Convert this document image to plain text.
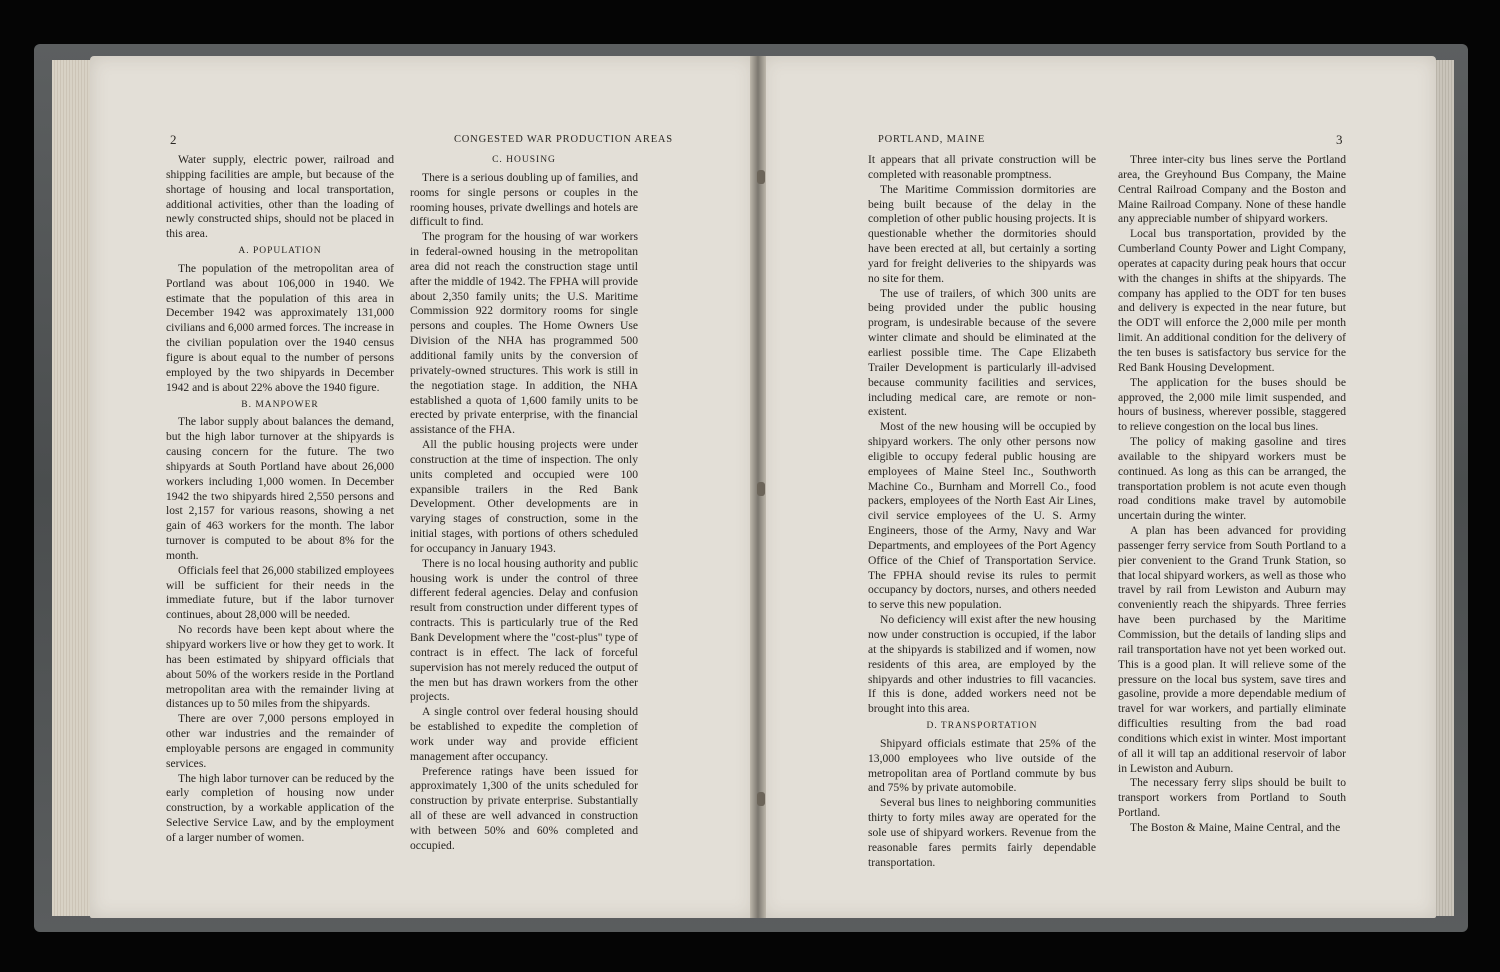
2	CONGESTED WAR PRODUCTION AREAS	PORTLAND, MAINE	3

Water supply, electric power, railroad and shipping facilities are ample, but because of the shortage of housing and local transportation, additional activities, other than the loading of newly constructed ships, should not be placed in this area.

A. POPULATION

The population of the metropolitan area of Portland was about 106,000 in 1940. We estimate that the population of this area in December 1942 was approximately 131,000 civilians and 6,000 armed forces. The increase in the civilian population over the 1940 census figure is about equal to the number of persons employed by the two shipyards in December 1942 and is about 22% above the 1940 figure.

B. MANPOWER

The labor supply about balances the demand, but the high labor turnover at the shipyards is causing concern for the future. The two shipyards at South Portland have about 26,000 workers including 1,000 women. In December 1942 the two shipyards hired 2,550 persons and lost 2,157 for various reasons, showing a net gain of 463 workers for the month. The labor turnover is computed to be about 8% for the month.

Officials feel that 26,000 stabilized employees will be sufficient for their needs in the immediate future, but if the labor turnover continues, about 28,000 will be needed.

No records have been kept about where the shipyard workers live or how they get to work. It has been estimated by shipyard officials that about 50% of the workers reside in the Portland metropolitan area with the remainder living at distances up to 50 miles from the shipyards.

There are over 7,000 persons employed in other war industries and the remainder of employable persons are engaged in community services.

The high labor turnover can be reduced by the early completion of housing now under construction, by a workable application of the Selective Service Law, and by the employment of a larger number of women.

C. HOUSING

There is a serious doubling up of families, and rooms for single persons or couples in the rooming houses, private dwellings and hotels are difficult to find.

The program for the housing of war workers in federal-owned housing in the metropolitan area did not reach the construction stage until after the middle of 1942. The FPHA will provide about 2,350 family units; the U.S. Maritime Commission 922 dormitory rooms for single persons and couples. The Home Owners Use Division of the NHA has programmed 500 additional family units by the conversion of privately-owned structures. This work is still in the negotiation stage. In addition, the NHA established a quota of 1,600 family units to be erected by private enterprise, with the financial assistance of the FHA.

All the public housing projects were under construction at the time of inspection. The only units completed and occupied were 100 expansible trailers in the Red Bank Development. Other developments are in varying stages of construction, some in the initial stages, with portions of others scheduled for occupancy in January 1943.

There is no local housing authority and public housing work is under the control of three different federal agencies. Delay and confusion result from construction under different types of contracts. This is particularly true of the Red Bank Development where the "cost-plus" type of contract is in effect. The lack of forceful supervision has not merely reduced the output of the men but has drawn workers from the other projects.

A single control over federal housing should be established to expedite the completion of work under way and provide efficient management after occupancy.

Preference ratings have been issued for approximately 1,300 of the units scheduled for construction by private enterprise. Substantially all of these are well advanced in construction with between 50% and 60% completed and occupied.

It appears that all private construction will be completed with reasonable promptness.

The Maritime Commission dormitories are being built because of the delay in the completion of other public housing projects. It is questionable whether the dormitories should have been erected at all, but certainly a sorting yard for freight deliveries to the shipyards was no site for them.

The use of trailers, of which 300 units are being provided under the public housing program, is undesirable because of the severe winter climate and should be eliminated at the earliest possible time. The Cape Elizabeth Trailer Development is particularly ill-advised because community facilities and services, including medical care, are remote or non-existent.

Most of the new housing will be occupied by shipyard workers. The only other persons now eligible to occupy federal public housing are employees of Maine Steel Inc., Southworth Machine Co., Burnham and Morrell Co., food packers, employees of the North East Air Lines, civil service employees of the U. S. Army Engineers, those of the Army, Navy and War Departments, and employees of the Port Agency Office of the Chief of Transportation Service. The FPHA should revise its rules to permit occupancy by doctors, nurses, and others needed to serve this new population.

No deficiency will exist after the new housing now under construction is occupied, if the labor at the shipyards is stabilized and if women, now residents of this area, are employed by the shipyards and other industries to fill vacancies. If this is done, added workers need not be brought into this area.

D. TRANSPORTATION

Shipyard officials estimate that 25% of the 13,000 employees who live outside of the metropolitan area of Portland commute by bus and 75% by private automobile.

Several bus lines to neighboring communities thirty to forty miles away are operated for the sole use of shipyard workers. Revenue from the reasonable fares permits fairly dependable transportation.

Three inter-city bus lines serve the Portland area, the Greyhound Bus Company, the Maine Central Railroad Company and the Boston and Maine Railroad Company. None of these handle any appreciable number of shipyard workers.

Local bus transportation, provided by the Cumberland County Power and Light Company, operates at capacity during peak hours that occur with the changes in shifts at the shipyards. The company has applied to the ODT for ten buses and delivery is expected in the near future, but the ODT will enforce the 2,000 mile per month limit. An additional condition for the delivery of the ten buses is satisfactory bus service for the Red Bank Housing Development.

The application for the buses should be approved, the 2,000 mile limit suspended, and hours of business, wherever possible, staggered to relieve congestion on the local bus lines.

The policy of making gasoline and tires available to the shipyard workers must be continued. As long as this can be arranged, the transportation problem is not acute even though road conditions make travel by automobile uncertain during the winter.

A plan has been advanced for providing passenger ferry service from South Portland to a pier convenient to the Grand Trunk Station, so that local shipyard workers, as well as those who travel by rail from Lewiston and Auburn may conveniently reach the shipyards. Three ferries have been purchased by the Maritime Commission, but the details of landing slips and rail transportation have not yet been worked out. This is a good plan. It will relieve some of the pressure on the local bus system, save tires and gasoline, provide a more dependable medium of travel for war workers, and partially eliminate difficulties resulting from the bad road conditions which exist in winter. Most important of all it will tap an additional reservoir of labor in Lewiston and Auburn.

The necessary ferry slips should be built to transport workers from Portland to South Portland.

The Boston & Maine, Maine Central, and the
